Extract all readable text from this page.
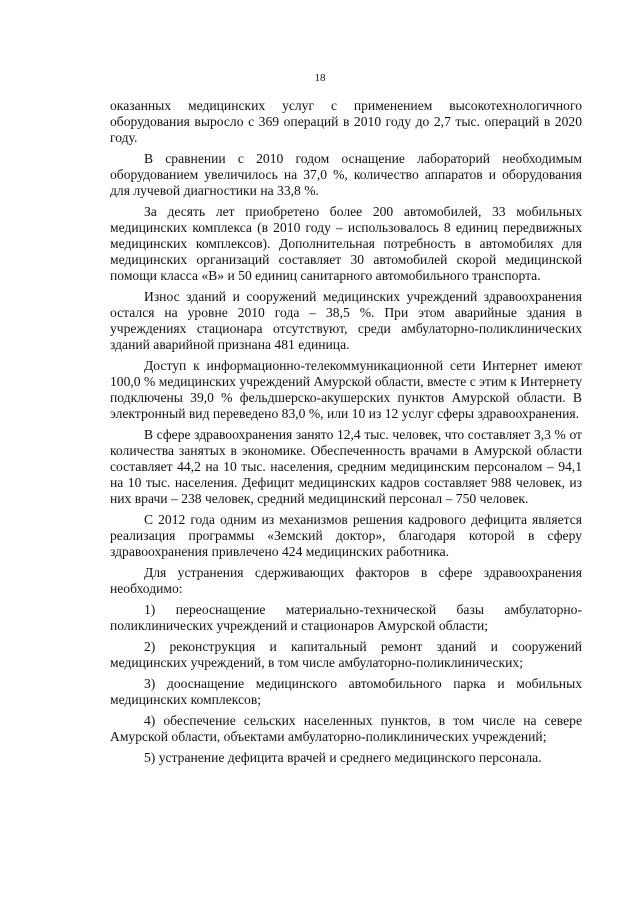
18

оказанных медицинских услуг с применением высокотехнологичного оборудования выросло с 369 операций в 2010 году до 2,7 тыс. операций в 2020 году.

В сравнении с 2010 годом оснащение лабораторий необходимым оборудованием увеличилось на 37,0 %, количество аппаратов и оборудования для лучевой диагностики на 33,8 %.

За десять лет приобретено более 200 автомобилей, 33 мобильных медицинских комплекса (в 2010 году – использовалось 8 единиц передвижных медицинских комплексов). Дополнительная потребность в автомобилях для медицинских организаций составляет 30 автомобилей скорой медицинской помощи класса «В» и 50 единиц санитарного автомобильного транспорта.

Износ зданий и сооружений медицинских учреждений здравоохранения остался на уровне 2010 года – 38,5 %. При этом аварийные здания в учреждениях стационара отсутствуют, среди амбулаторно-поликлинических зданий аварийной признана 481 единица.

Доступ к информационно-телекоммуникационной сети Интернет имеют 100,0 % медицинских учреждений Амурской области, вместе с этим к Интернету подключены 39,0 % фельдшерско-акушерских пунктов Амурской области. В электронный вид переведено 83,0 %, или 10 из 12 услуг сферы здравоохранения.

В сфере здравоохранения занято 12,4 тыс. человек, что составляет 3,3 % от количества занятых в экономике. Обеспеченность врачами в Амурской области составляет 44,2 на 10 тыс. населения, средним медицинским персоналом – 94,1 на 10 тыс. населения. Дефицит медицинских кадров составляет 988 человек, из них врачи – 238 человек, средний медицинский персонал – 750 человек.

С 2012 года одним из механизмов решения кадрового дефицита является реализация программы «Земский доктор», благодаря которой в сферу здравоохранения привлечено 424 медицинских работника.

Для устранения сдерживающих факторов в сфере здравоохранения необходимо:

1) переоснащение материально-технической базы амбулаторно-поликлинических учреждений и стационаров Амурской области;

2) реконструкция и капитальный ремонт зданий и сооружений медицинских учреждений, в том числе амбулаторно-поликлинических;

3) дооснащение медицинского автомобильного парка и мобильных медицинских комплексов;

4) обеспечение сельских населенных пунктов, в том числе на севере Амурской области, объектами амбулаторно-поликлинических учреждений;

5) устранение дефицита врачей и среднего медицинского персонала.
